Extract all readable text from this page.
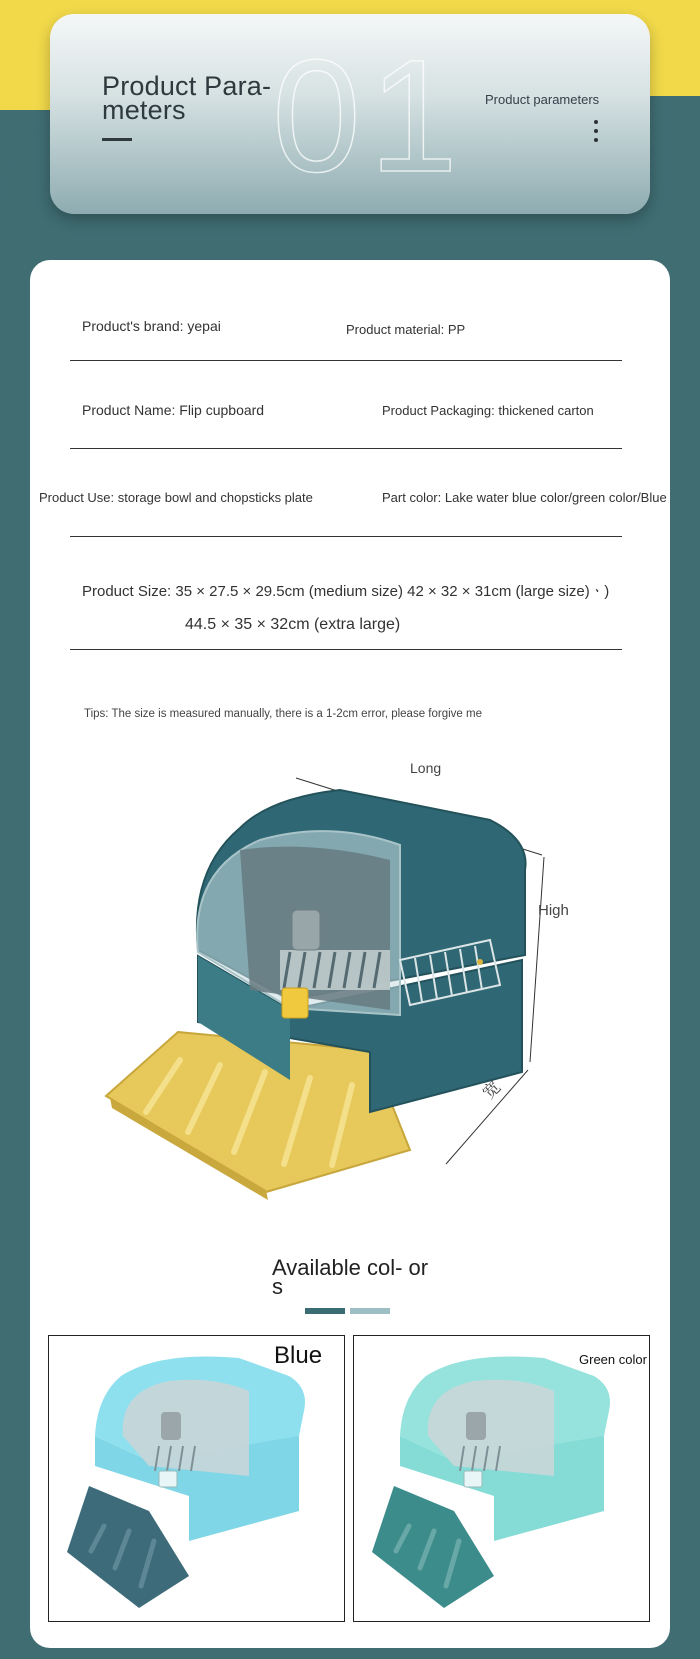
01
Product Para- meters	Product parameters
Product's brand: yepai	Product material: PP
Product Name: Flip cupboard	Product Packaging: thickened carton
Product Use: storage bowl and chopsticks plate	Part color: Lake water blue color/green color/Blue
Product Size: 35 × 27.5 × 29.5cm (medium size) 42 × 32 × 31cm (large size)ㆍ)
44.5 × 35 × 32cm (extra large)
Tips: The size is measured manually, there is a 1-2cm error, please forgive me
Long
High
宽
Available col- ors
Blue	Green color
